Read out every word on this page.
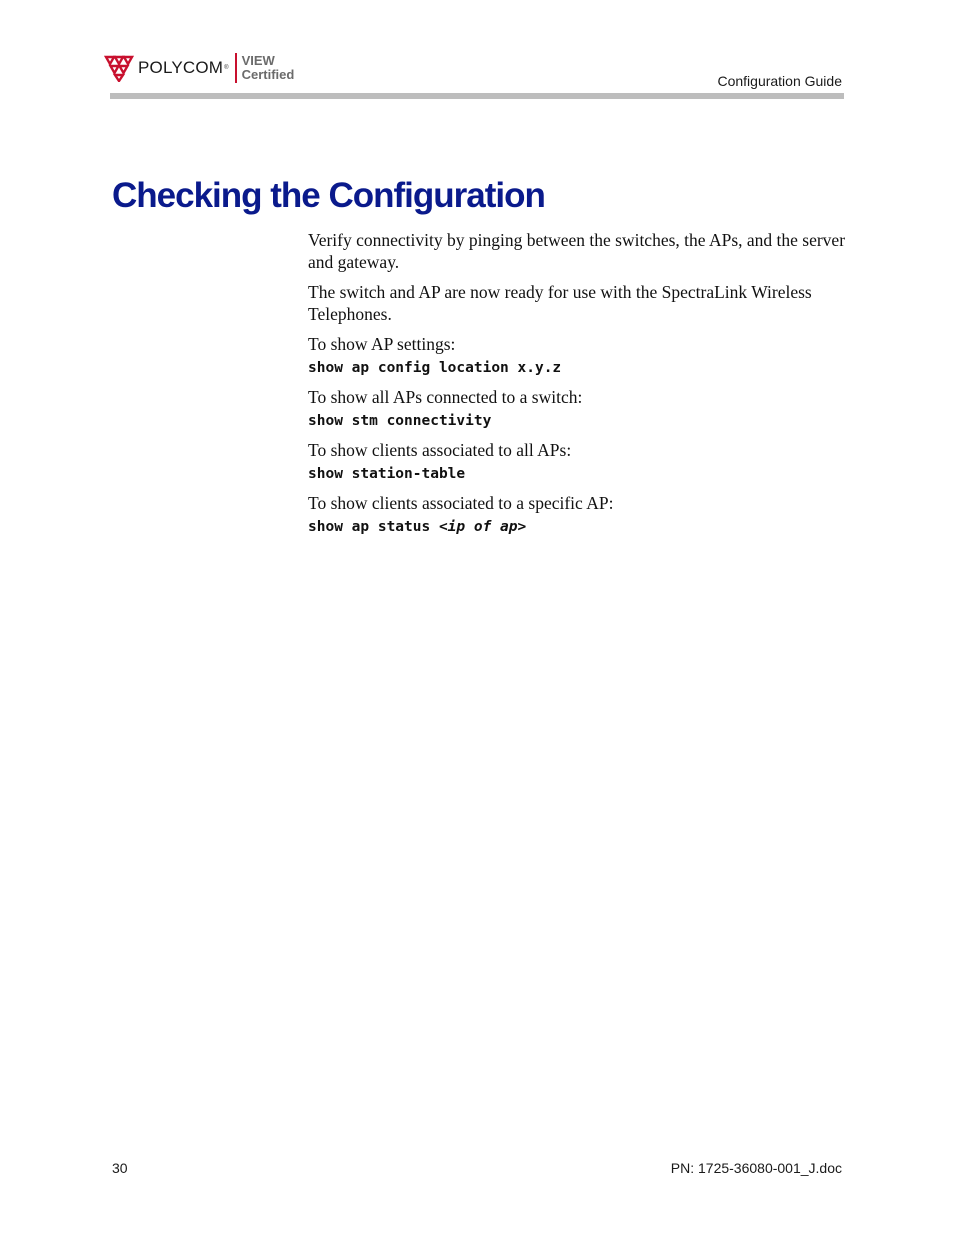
POLYCOM ® VIEW
Certified	Configuration Guide
Checking the Configuration

Verify connectivity by pinging between the switches, the APs, and the server and gateway.

The switch and AP are now ready for use with the SpectraLink Wireless Telephones.

To show AP settings:

show ap config location x.y.z

To show all APs connected to a switch:

show stm connectivity

To show clients associated to all APs:

show station-table

To show clients associated to a specific AP:

show ap status <ip of ap>

30	PN: 1725-36080-001_J.doc
